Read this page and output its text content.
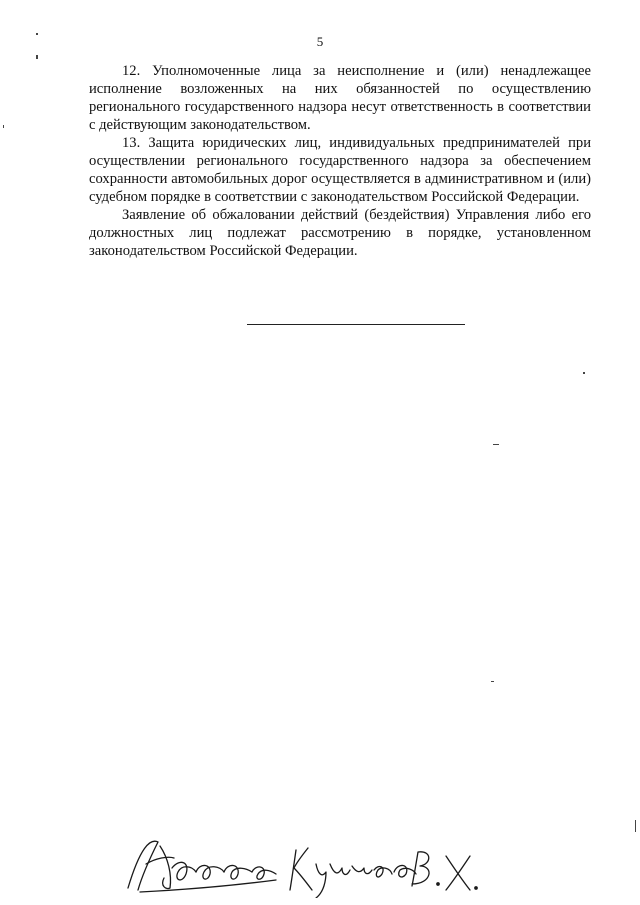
5

12. Уполномоченные лица за неисполнение и (или) ненадлежащее исполнение возложенных на них обязанностей по осуществлению регионального государственного надзора несут ответственность в соответствии с действующим законодательством.

13. Защита юридических лиц, индивидуальных предпринимателей при осуществлении регионального государственного надзора за обеспечением сохранности автомобильных дорог осуществляется в административном и (или) судебном порядке в соответствии с законодательством Российской Федерации.

Заявление об обжаловании действий (бездействия) Управления либо его должностных лиц подлежат рассмотрению в порядке, установленном законодательством Российской Федерации.
